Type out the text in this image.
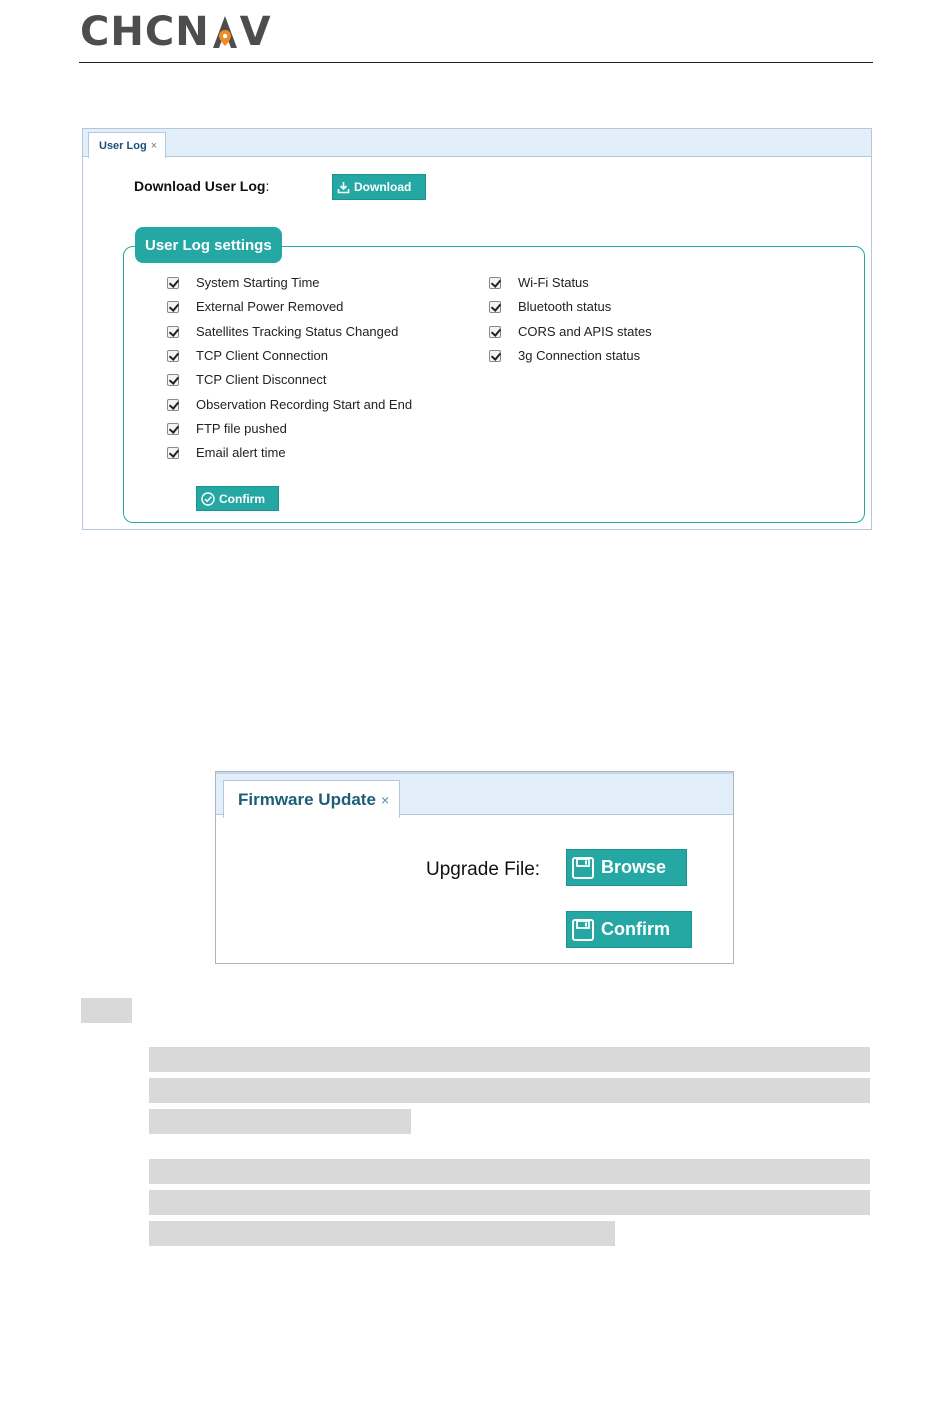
CHCN V
User Log ×
Download User Log:	Download
User Log settings
System Starting Time
External Power Removed
Satellites Tracking Status Changed
TCP Client Connection
TCP Client Disconnect
Observation Recording Start and End
FTP file pushed
Email alert time
Wi-Fi Status
Bluetooth status
CORS and APIS states
3g Connection status
Confirm
Firmware Update ×
Upgrade File:	Browse
Confirm
